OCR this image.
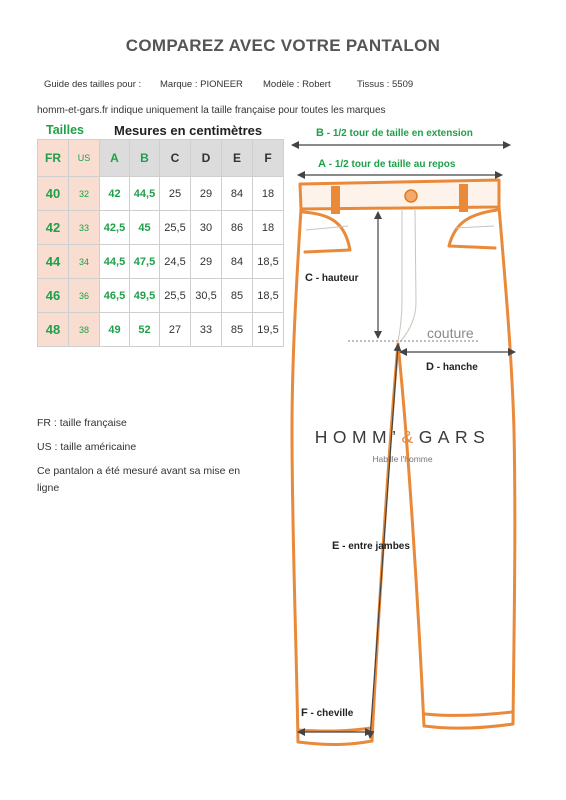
COMPAREZ AVEC VOTRE PANTALON
Guide des tailles pour : Marque : PIONEER Modèle : Robert	Tissus : 5509
homm-et-gars.fr indique uniquement la taille française pour toutes les marques
Tailles Mesures en centimètres
FR	US	A	B	C	D	E	F
40	32	42	44,5	25	29	84	18
42	33	42,5	45	25,5	30	86	18
44	34	44,5	47,5	24,5	29	84	18,5
46	36	46,5	49,5	25,5	30,5	85	18,5
48	38	49	52	27	33	85	19,5
FR : taille française
US : taille américaine
Ce pantalon a été mesuré avant sa mise en
ligne
B - 1/2 tour de taille en extension
A - 1/2 tour de taille au repos
C - hauteur
couture
D - hanche
E - entre jambes
F - cheville
HOMM’&GARS
Habille l'homme
